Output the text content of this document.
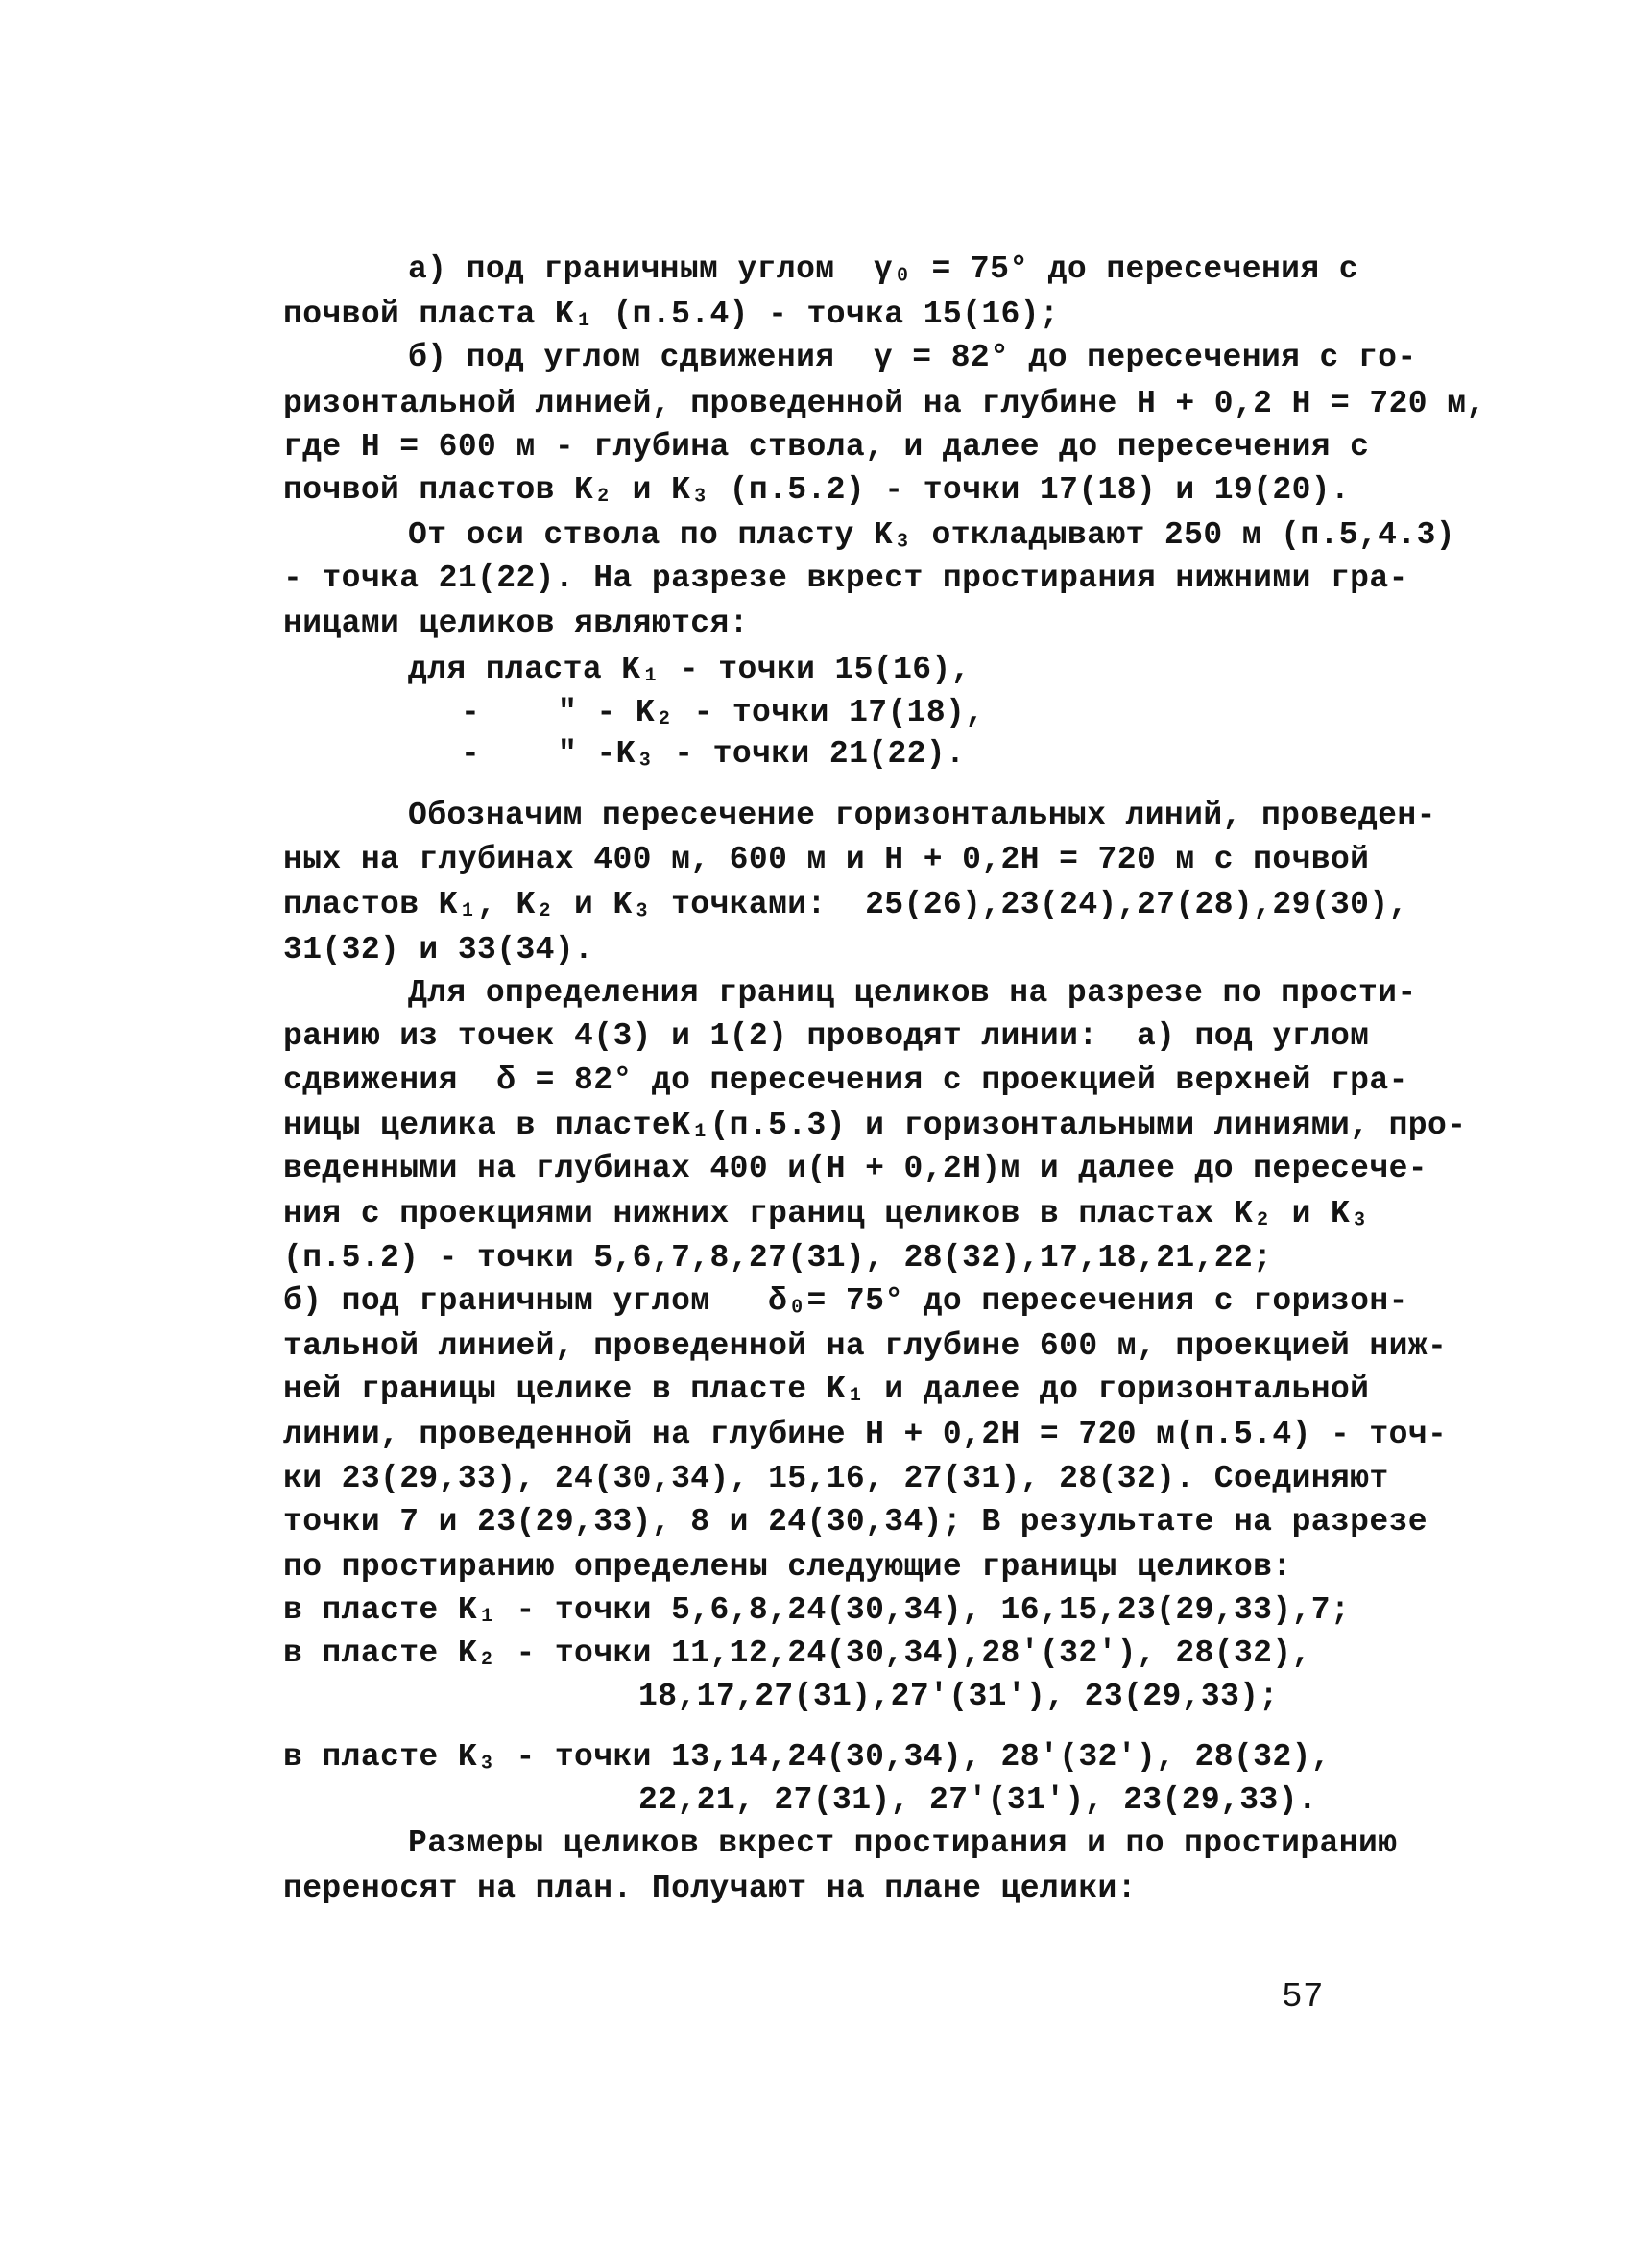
а) под граничным углом  γ₀ = 75° до пересечения с
почвой пласта K₁ (п.5.4) - точка 15(16);
б) под углом сдвижения  γ = 82° до пересечения с го-
ризонтальной линией, проведенной на глубине H + 0,2 H = 720 м,
где H = 600 м - глубина ствола, и далее до пересечения с
почвой пластов K₂ и K₃ (п.5.2) - точки 17(18) и 19(20).
От оси ствола по пласту K₃ откладывают 250 м (п.5,4.3)
- точка 21(22). На разрезе вкрест простирания нижними гра-
ницами целиков являются:
для пласта K₁ - точки 15(16),
-    " - K₂ - точки 17(18),
-    " -K₃ - точки 21(22).
Обозначим пересечение горизонтальных линий, проведен-
ных на глубинах 400 м, 600 м и H + 0,2H = 720 м с почвой
пластов K₁, K₂ и K₃ точками:  25(26),23(24),27(28),29(30),
31(32) и 33(34).
Для определения границ целиков на разрезе по прости-
ранию из точек 4(3) и 1(2) проводят линии:  а) под углом
сдвижения  δ = 82° до пересечения с проекцией верхней гра-
ницы целика в пластеK₁(п.5.3) и горизонтальными линиями, про-
веденными на глубинах 400 и(H + 0,2H)м и далее до пересече-
ния с проекциями нижних границ целиков в пластах K₂ и K₃
(п.5.2) - точки 5,6,7,8,27(31), 28(32),17,18,21,22;
б) под граничным углом   δ₀= 75° до пересечения с горизон-
тальной линией, проведенной на глубине 600 м, проекцией ниж-
ней границы целике в пласте K₁ и далее до горизонтальной
линии, проведенной на глубине H + 0,2H = 720 м(п.5.4) - точ-
ки 23(29,33), 24(30,34), 15,16, 27(31), 28(32). Соединяют
точки 7 и 23(29,33), 8 и 24(30,34); В результате на разрезе
по простиранию определены следующие границы целиков:
в пласте K₁ - точки 5,6,8,24(30,34), 16,15,23(29,33),7;
в пласте K₂ - точки 11,12,24(30,34),28'(32'), 28(32),
18,17,27(31),27'(31'), 23(29,33);
в пласте K₃ - точки 13,14,24(30,34), 28'(32'), 28(32),
22,21, 27(31), 27'(31'), 23(29,33).
Размеры целиков вкрест простирания и по простиранию
переносят на план. Получают на плане целики:
57
